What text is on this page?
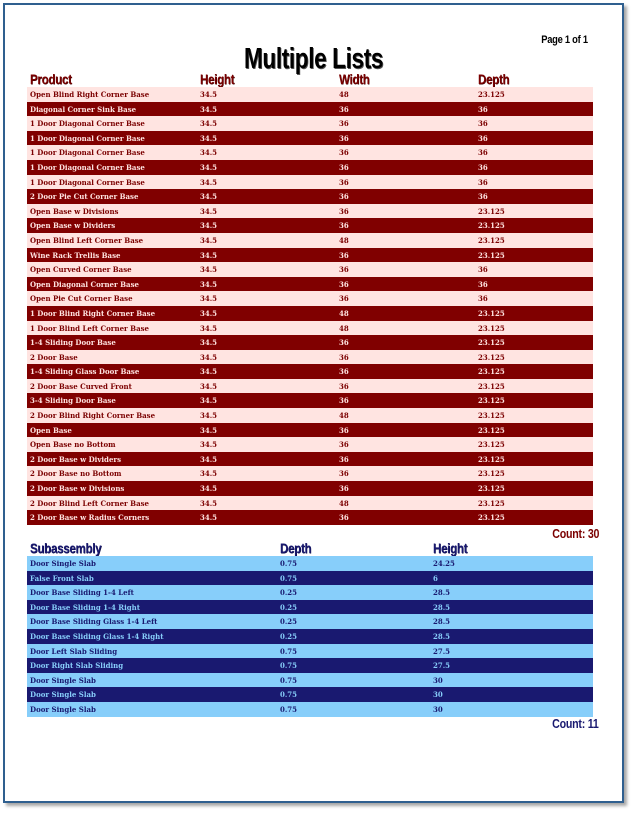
Page 1 of 1
Multiple Lists
Product	Height	Width	Depth
Open Blind Right Corner Base	34.5	48	23.125
Diagonal Corner Sink Base	34.5	36	36
1 Door Diagonal Corner Base	34.5	36	36
1 Door Diagonal Corner Base	34.5	36	36
1 Door Diagonal Corner Base	34.5	36	36
1 Door Diagonal Corner Base	34.5	36	36
1 Door Diagonal Corner Base	34.5	36	36
2 Door Pie Cut Corner Base	34.5	36	36
Open Base w Divisions	34.5	36	23.125
Open Base w Dividers	34.5	36	23.125
Open Blind Left Corner Base	34.5	48	23.125
Wine Rack Trellis Base	34.5	36	23.125
Open Curved Corner Base	34.5	36	36
Open Diagonal Corner Base	34.5	36	36
Open Pie Cut Corner Base	34.5	36	36
1 Door Blind Right Corner Base	34.5	48	23.125
1 Door Blind Left Corner Base	34.5	48	23.125
1-4 Sliding Door Base	34.5	36	23.125
2 Door Base	34.5	36	23.125
1-4 Sliding Glass Door Base	34.5	36	23.125
2 Door Base Curved Front	34.5	36	23.125
3-4 Sliding Door Base	34.5	36	23.125
2 Door Blind Right Corner Base	34.5	48	23.125
Open Base	34.5	36	23.125
Open Base no Bottom	34.5	36	23.125
2 Door Base w Dividers	34.5	36	23.125
2 Door Base no Bottom	34.5	36	23.125
2 Door Base w Divisions	34.5	36	23.125
2 Door Blind Left Corner Base	34.5	48	23.125
2 Door Base w Radius Corners	34.5	36	23.125
Count: 30
Subassembly	Depth	Height
Door Single Slab	0.75	24.25
False Front Slab	0.75	6
Door Base Sliding 1-4 Left	0.25	28.5
Door Base Sliding 1-4 Right	0.25	28.5
Door Base Sliding Glass 1-4 Left	0.25	28.5
Door Base Sliding Glass 1-4 Right	0.25	28.5
Door Left Slab Sliding	0.75	27.5
Door Right Slab Sliding	0.75	27.5
Door Single Slab	0.75	30
Door Single Slab	0.75	30
Door Single Slab	0.75	30
Count: 11
